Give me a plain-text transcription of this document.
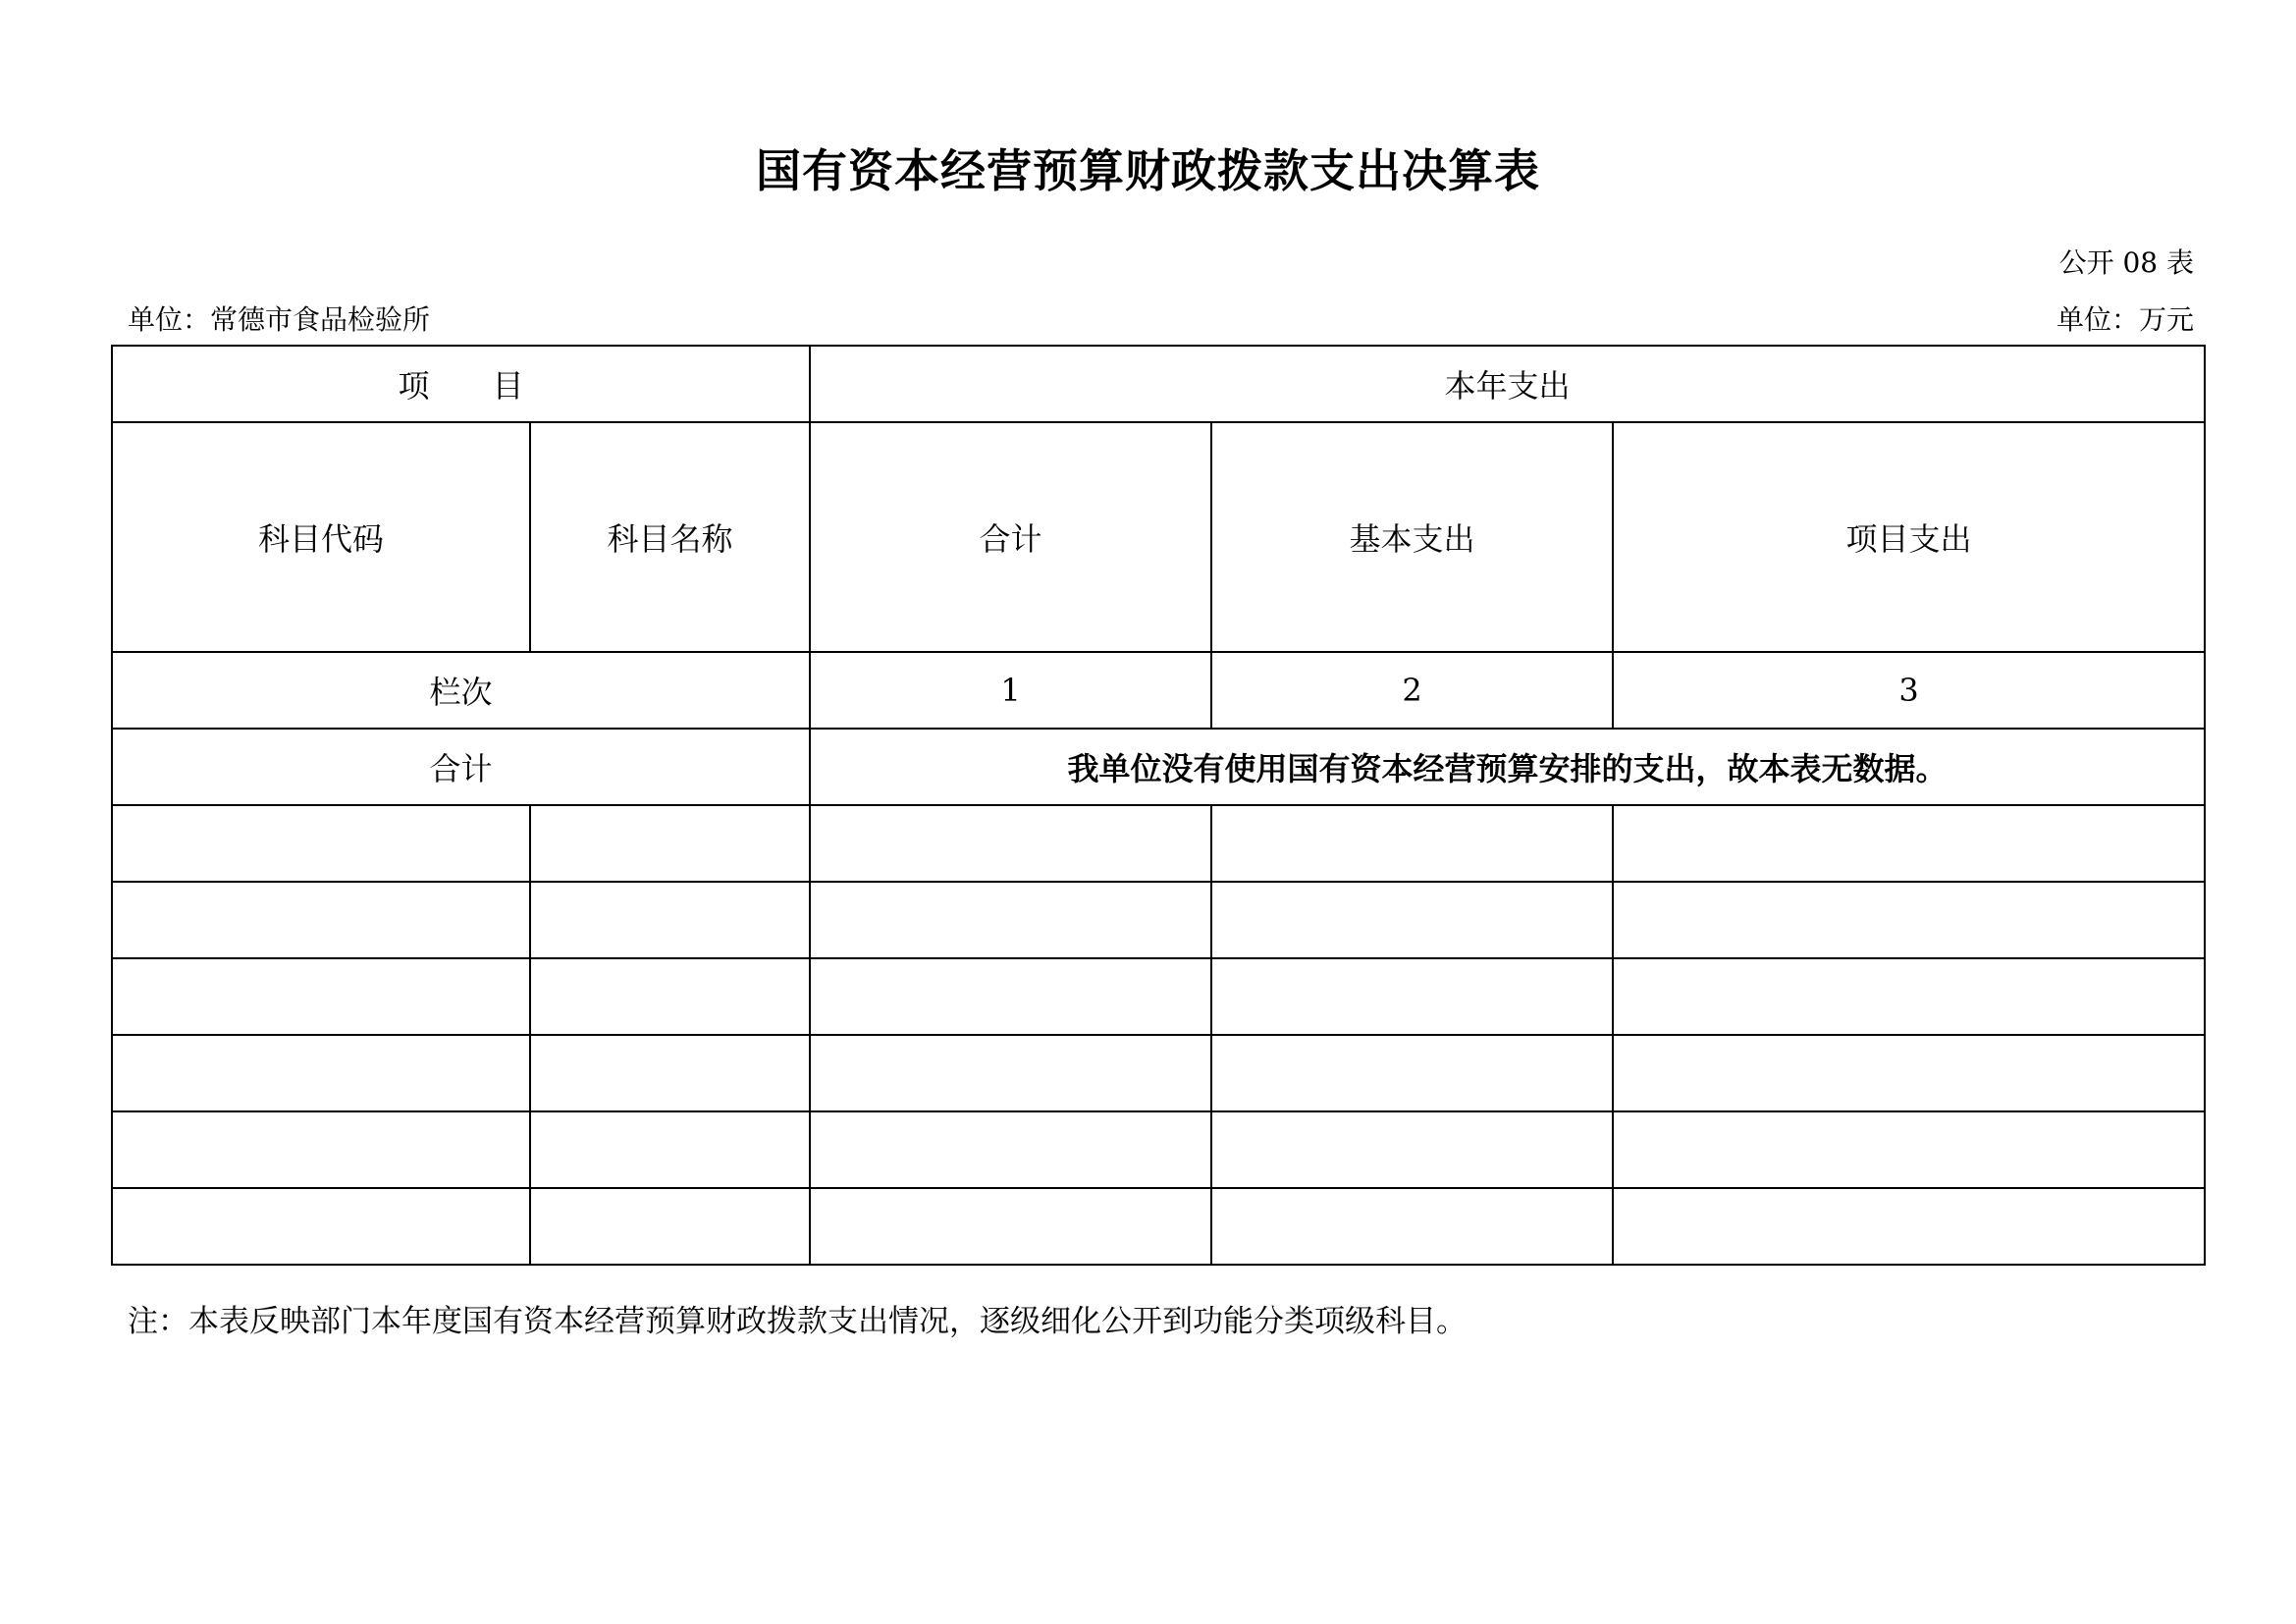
国有资本经营预算财政拨款支出决算表
公开 08 表
单位：常德市食品检验所	单位：万元
项　　目		本年支出		
科目代码	科目名称	合计	基本支出	项目支出
栏次		1	2	3
合计		我单位没有使用国有资本经营预算安排的支出，故本表无数据。		

注：本表反映部门本年度国有资本经营预算财政拨款支出情况，逐级细化公开到功能分类项级科目。
